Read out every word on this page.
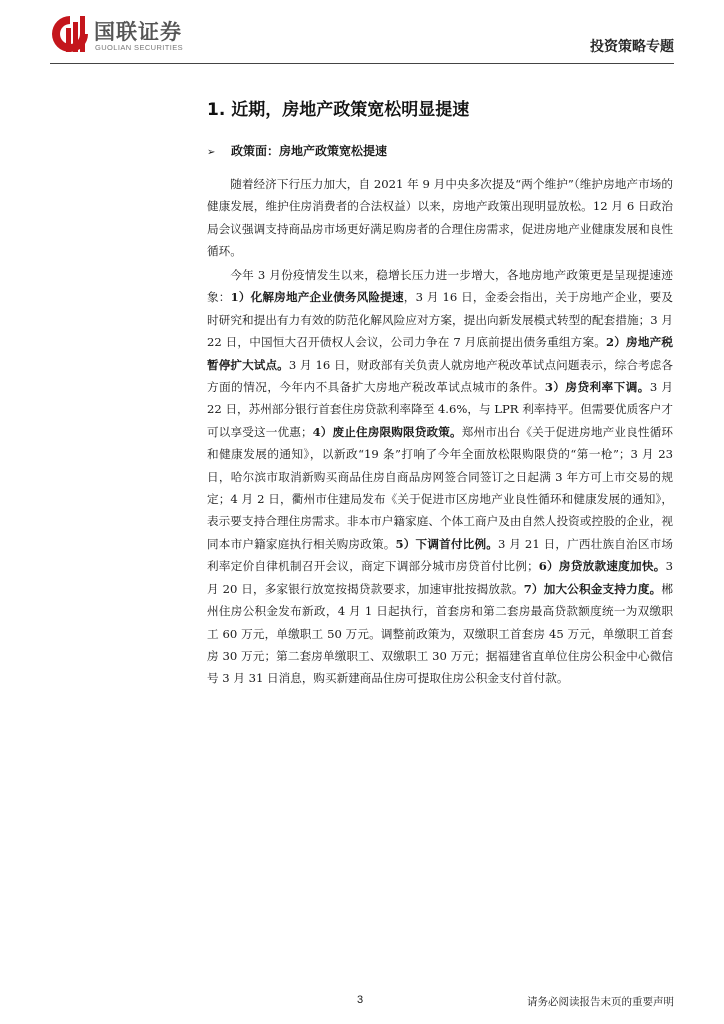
国联证券
GUOLIAN SECURITIES	投资策略专题
1. 近期，房地产政策宽松明显提速
➢ 政策面：房地产政策宽松提速

随着经济下行压力加大，自 2021 年 9 月中央多次提及“两个维护”（维护房地产市场的健康发展，维护住房消费者的合法权益）以来，房地产政策出现明显放松。12 月 6 日政治局会议强调支持商品房市场更好满足购房者的合理住房需求，促进房地产业健康发展和良性循环。

今年 3 月份疫情发生以来，稳增长压力进一步增大，各地房地产政策更是呈现提速迹象：1）化解房地产企业债务风险提速，3 月 16 日，金委会指出，关于房地产企业，要及时研究和提出有力有效的防范化解风险应对方案，提出向新发展模式转型的配套措施；3 月 22 日，中国恒大召开债权人会议，公司力争在 7 月底前提出债务重组方案。2）房地产税暂停扩大试点。3 月 16 日，财政部有关负责人就房地产税改革试点问题表示，综合考虑各方面的情况，今年内不具备扩大房地产税改革试点城市的条件。3）房贷利率下调。3 月 22 日，苏州部分银行首套住房贷款利率降至 4.6%，与 LPR 利率持平。但需要优质客户才可以享受这一优惠；4）废止住房限购限贷政策。郑州市出台《关于促进房地产业良性循环和健康发展的通知》，以新政“19 条”打响了今年全面放松限购限贷的“第一枪”；3 月 23 日，哈尔滨市取消新购买商品住房自商品房网签合同签订之日起满 3 年方可上市交易的规定；4 月 2 日，衢州市住建局发布《关于促进市区房地产业良性循环和健康发展的通知》，表示要支持合理住房需求。非本市户籍家庭、个体工商户及由自然人投资或控股的企业，视同本市户籍家庭执行相关购房政策。5）下调首付比例。3 月 21 日，广西壮族自治区市场利率定价自律机制召开会议，商定下调部分城市房贷首付比例；6）房贷放款速度加快。3 月 20 日，多家银行放宽按揭贷款要求，加速审批按揭放款。7）加大公积金支持力度。郴州住房公积金发布新政，4 月 1 日起执行，首套房和第二套房最高贷款额度统一为双缴职工 60 万元，单缴职工 50 万元。调整前政策为，双缴职工首套房 45 万元，单缴职工首套房 30 万元；第二套房单缴职工、双缴职工 30 万元；据福建省直单位住房公积金中心微信号 3 月 31 日消息，购买新建商品住房可提取住房公积金支付首付款。

3	请务必阅读报告末页的重要声明
